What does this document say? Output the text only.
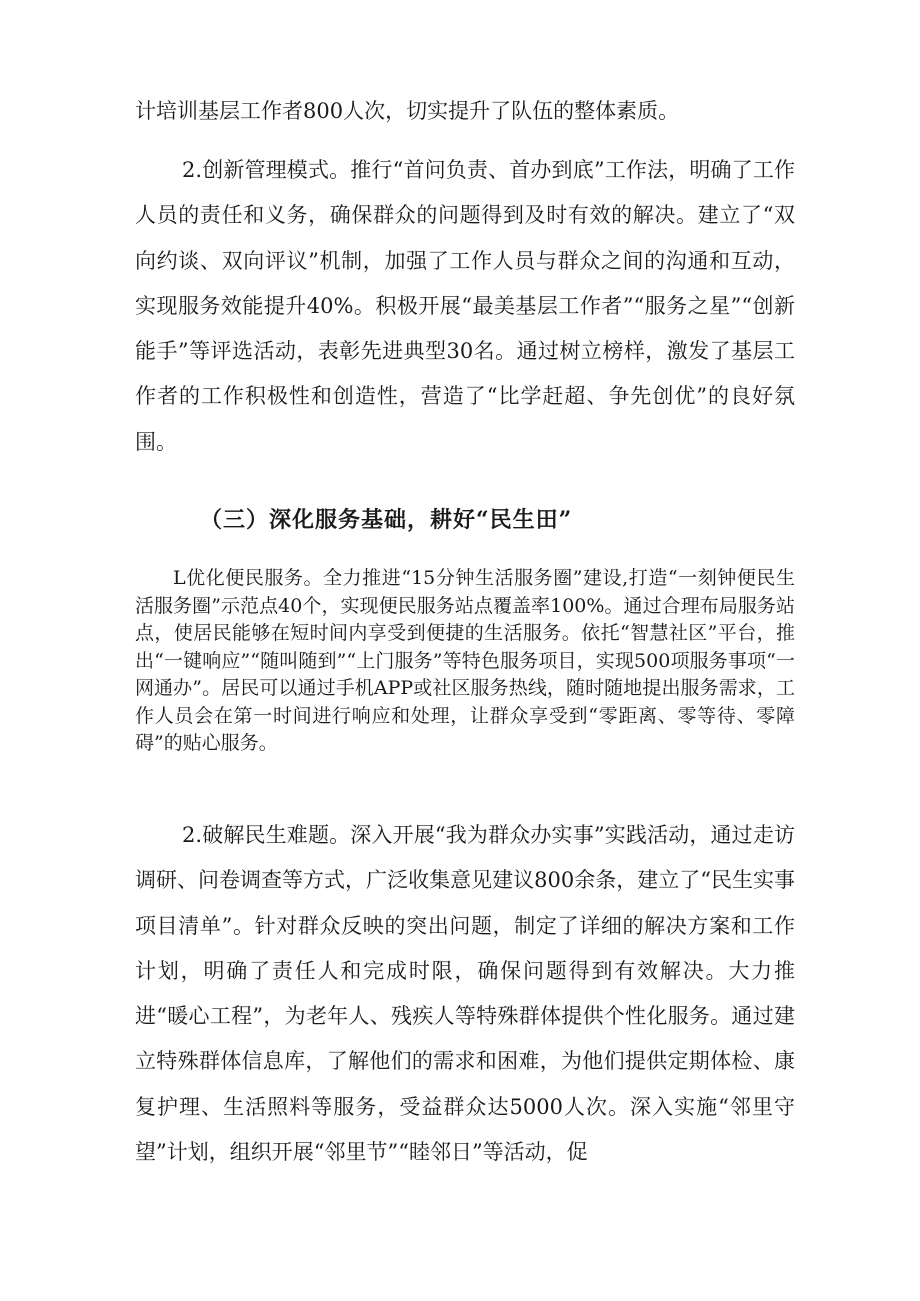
计培训基层工作者800人次，切实提升了队伍的整体素质。

2.创新管理模式。推行“首问负责、首办到底”工作法，明确了工作人员的责任和义务，确保群众的问题得到及时有效的解决。建立了“双向约谈、双向评议”机制，加强了工作人员与群众之间的沟通和互动，实现服务效能提升40%。积极开展“最美基层工作者”“服务之星”“创新能手”等评选活动，表彰先进典型30名。通过树立榜样，激发了基层工作者的工作积极性和创造性，营造了“比学赶超、争先创优”的良好氛围。

（三）深化服务基础，耕好“民生田”

L优化便民服务。全力推进“15分钟生活服务圈”建设,打造“一刻钟便民生活服务圈”示范点40个，实现便民服务站点覆盖率100%。通过合理布局服务站点，使居民能够在短时间内享受到便捷的生活服务。依托“智慧社区”平台，推出“一键响应”“随叫随到”“上门服务”等特色服务项目，实现500项服务事项“一网通办”。居民可以通过手机APP或社区服务热线，随时随地提出服务需求，工作人员会在第一时间进行响应和处理，让群众享受到“零距离、零等待、零障碍”的贴心服务。

2.破解民生难题。深入开展“我为群众办实事”实践活动，通过走访调研、问卷调查等方式，广泛收集意见建议800余条，建立了“民生实事项目清单”。针对群众反映的突出问题，制定了详细的解决方案和工作计划，明确了责任人和完成时限，确保问题得到有效解决。大力推进“暖心工程”，为老年人、残疾人等特殊群体提供个性化服务。通过建立特殊群体信息库，了解他们的需求和困难，为他们提供定期体检、康复护理、生活照料等服务，受益群众达5000人次。深入实施“邻里守望”计划，组织开展“邻里节”“睦邻日”等活动，促
